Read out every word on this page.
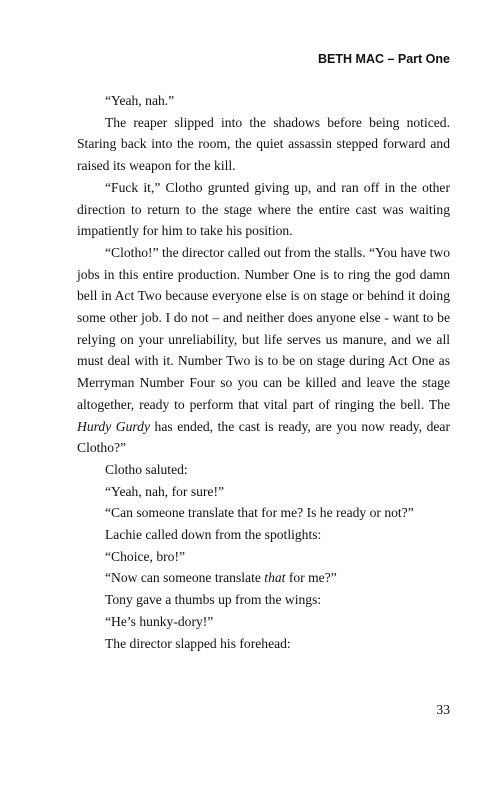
BETH MAC – Part One

“Yeah, nah.”

The reaper slipped into the shadows before being noticed. Staring back into the room, the quiet assassin stepped forward and raised its weapon for the kill.

“Fuck it,” Clotho grunted giving up, and ran off in the other direction to return to the stage where the entire cast was waiting impatiently for him to take his position.

“Clotho!” the director called out from the stalls. “You have two jobs in this entire production. Number One is to ring the god damn bell in Act Two because everyone else is on stage or behind it doing some other job. I do not – and neither does anyone else - want to be relying on your unreliability, but life serves us manure, and we all must deal with it. Number Two is to be on stage during Act One as Merryman Number Four so you can be killed and leave the stage altogether, ready to perform that vital part of ringing the bell. The Hurdy Gurdy has ended, the cast is ready, are you now ready, dear Clotho?”

Clotho saluted:

“Yeah, nah, for sure!”

“Can someone translate that for me? Is he ready or not?”

Lachie called down from the spotlights:

“Choice, bro!”

“Now can someone translate that for me?”

Tony gave a thumbs up from the wings:

“He’s hunky-dory!”

The director slapped his forehead:

33
